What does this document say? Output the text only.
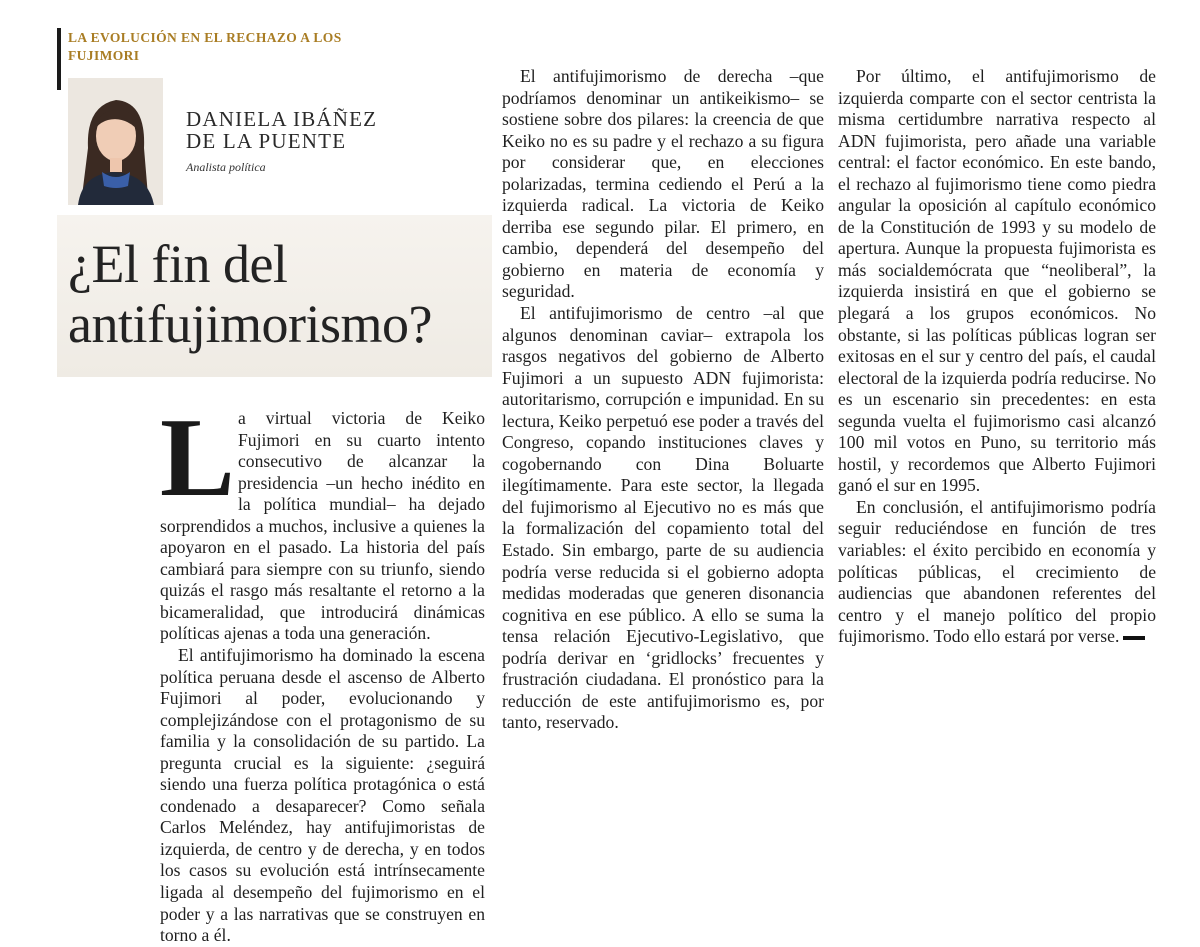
LA EVOLUCIÓN EN EL RECHAZO A LOS FUJIMORI
DANIELA IBÁÑEZ DE LA PUENTE
Analista política
¿El fin del antifujimorismo?
L a virtual victoria de Keiko Fujimori en su cuarto intento consecutivo de alcanzar la presidencia –un hecho inédito en la política mundial– ha dejado sorprendidos a muchos, inclusive a quienes la apoyaron en el pasado. La historia del país cambiará para siempre con su triunfo, siendo quizás el rasgo más resaltante el retorno a la bicameralidad, que introducirá dinámicas políticas ajenas a toda una generación.

El antifujimorismo ha dominado la escena política peruana desde el ascenso de Alberto Fujimori al poder, evolucionando y complejizándose con el protagonismo de su familia y la consolidación de su partido. La pregunta crucial es la siguiente: ¿seguirá siendo una fuerza política protagónica o está condenado a desaparecer? Como señala Carlos Meléndez, hay antifujimoristas de izquierda, de centro y de derecha, y en todos los casos su evolución está intrínsecamente ligada al desempeño del fujimorismo en el poder y a las narrativas que se construyen en torno a él.

El antifujimorismo de derecha –que podríamos denominar un antikeikismo– se sostiene sobre dos pilares: la creencia de que Keiko no es su padre y el rechazo a su figura por considerar que, en elecciones polarizadas, termina cediendo el Perú a la izquierda radical. La victoria de Keiko derriba ese segundo pilar. El primero, en cambio, dependerá del desempeño del gobierno en materia de economía y seguridad.

El antifujimorismo de centro –al que algunos denominan caviar– extrapola los rasgos negativos del gobierno de Alberto Fujimori a un supuesto ADN fujimorista: autoritarismo, corrupción e impunidad. En su lectura, Keiko perpetuó ese poder a través del Congreso, copando instituciones claves y cogobernando con Dina Boluarte ilegítimamente. Para este sector, la llegada del fujimorismo al Ejecutivo no es más que la formalización del copamiento total del Estado. Sin embargo, parte de su audiencia podría verse reducida si el gobierno adopta medidas moderadas que generen disonancia cognitiva en ese público. A ello se suma la tensa relación Ejecutivo-Legislativo, que podría derivar en ‘gridlocks’ frecuentes y frustración ciudadana. El pronóstico para la reducción de este antifujimorismo es, por tanto, reservado.

Por último, el antifujimorismo de izquierda comparte con el sector centrista la misma certidumbre narrativa respecto al ADN fujimorista, pero añade una variable central: el factor económico. En este bando, el rechazo al fujimorismo tiene como piedra angular la oposición al capítulo económico de la Constitución de 1993 y su modelo de apertura. Aunque la propuesta fujimorista es más socialdemócrata que “neoliberal”, la izquierda insistirá en que el gobierno se plegará a los grupos económicos. No obstante, si las políticas públicas logran ser exitosas en el sur y centro del país, el caudal electoral de la izquierda podría reducirse. No es un escenario sin precedentes: en esta segunda vuelta el fujimorismo casi alcanzó 100 mil votos en Puno, su territorio más hostil, y recordemos que Alberto Fujimori ganó el sur en 1995.

En conclusión, el antifujimorismo podría seguir reduciéndose en función de tres variables: el éxito percibido en economía y políticas públicas, el crecimiento de audiencias que abandonen referentes del centro y el manejo político del propio fujimorismo. Todo ello estará por verse.
